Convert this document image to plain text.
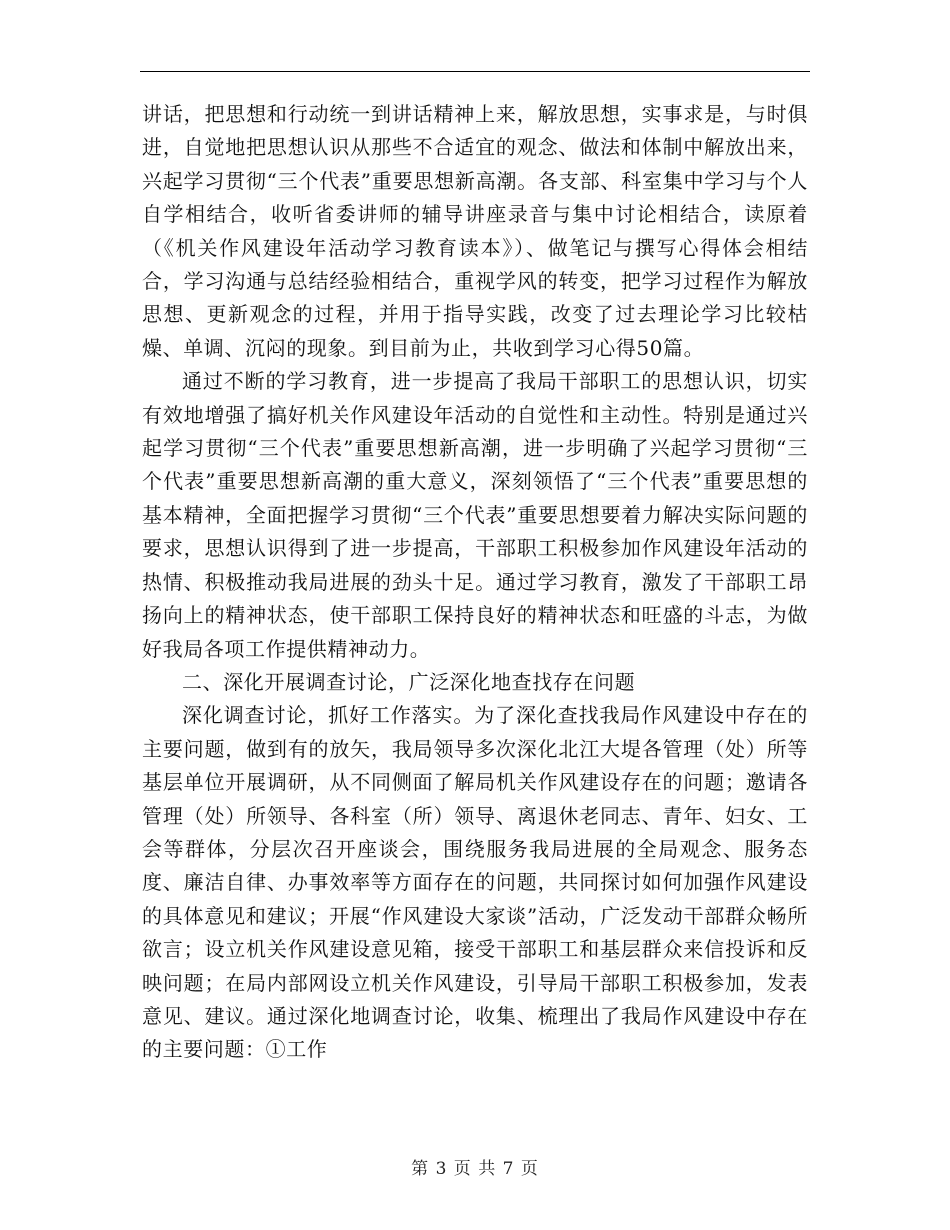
讲话，把思想和行动统一到讲话精神上来，解放思想，实事求是，与时俱进，自觉地把思想认识从那些不合适宜的观念、做法和体制中解放出来，兴起学习贯彻“三个代表”重要思想新高潮。各支部、科室集中学习与个人自学相结合，收听省委讲师的辅导讲座录音与集中讨论相结合，读原着（《机关作风建设年活动学习教育读本》）、做笔记与撰写心得体会相结合，学习沟通与总结经验相结合，重视学风的转变，把学习过程作为解放思想、更新观念的过程，并用于指导实践，改变了过去理论学习比较枯燥、单调、沉闷的现象。到目前为止，共收到学习心得50篇。

通过不断的学习教育，进一步提高了我局干部职工的思想认识，切实有效地增强了搞好机关作风建设年活动的自觉性和主动性。特别是通过兴起学习贯彻“三个代表”重要思想新高潮，进一步明确了兴起学习贯彻“三个代表”重要思想新高潮的重大意义，深刻领悟了“三个代表”重要思想的基本精神，全面把握学习贯彻“三个代表”重要思想要着力解决实际问题的要求，思想认识得到了进一步提高，干部职工积极参加作风建设年活动的热情、积极推动我局进展的劲头十足。通过学习教育，激发了干部职工昂扬向上的精神状态，使干部职工保持良好的精神状态和旺盛的斗志，为做好我局各项工作提供精神动力。

二、深化开展调查讨论，广泛深化地查找存在问题

深化调查讨论，抓好工作落实。为了深化查找我局作风建设中存在的主要问题，做到有的放矢，我局领导多次深化北江大堤各管理（处）所等基层单位开展调研，从不同侧面了解局机关作风建设存在的问题；邀请各管理（处）所领导、各科室（所）领导、离退休老同志、青年、妇女、工会等群体，分层次召开座谈会，围绕服务我局进展的全局观念、服务态度、廉洁自律、办事效率等方面存在的问题，共同探讨如何加强作风建设的具体意见和建议；开展“作风建设大家谈”活动，广泛发动干部群众畅所欲言；设立机关作风建设意见箱，接受干部职工和基层群众来信投诉和反映问题；在局内部网设立机关作风建设，引导局干部职工积极参加，发表意见、建议。通过深化地调查讨论，收集、梳理出了我局作风建设中存在的主要问题：①工作

第 3 页 共 7 页
